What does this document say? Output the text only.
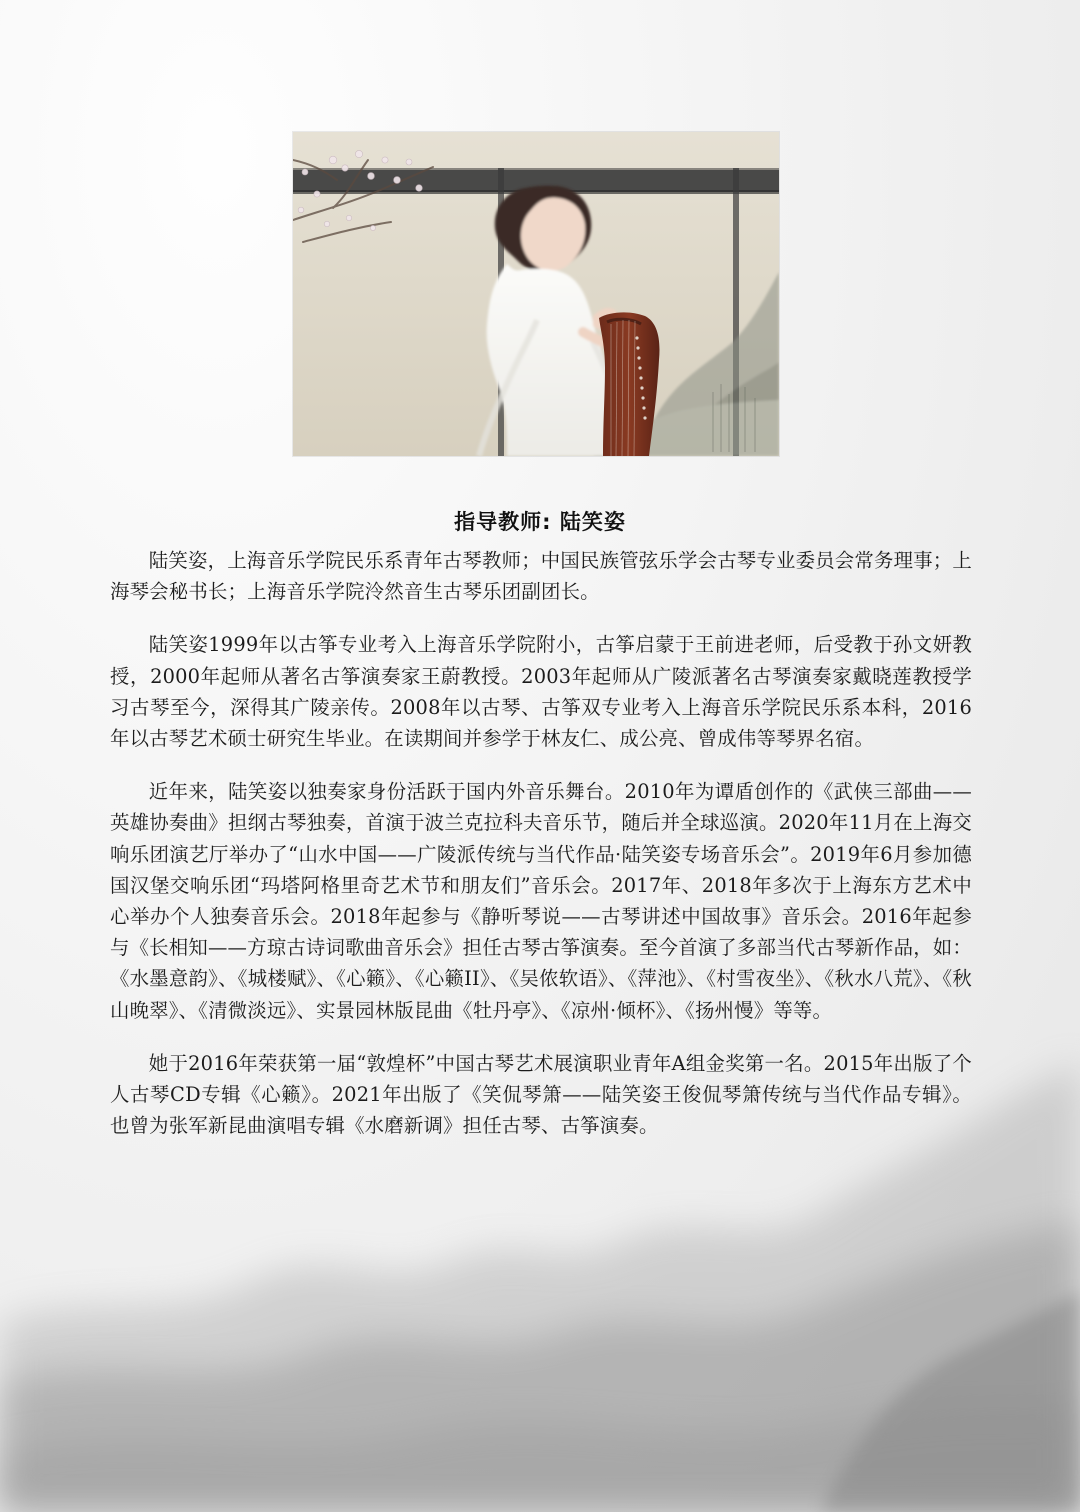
指导教师: 陆笑姿

陆笑姿，上海音乐学院民乐系青年古琴教师；中国民族管弦乐学会古琴专业委员会常务理事；上海琴会秘书长；上海音乐学院泠然音生古琴乐团副团长。

陆笑姿1999年以古筝专业考入上海音乐学院附小，古筝启蒙于王前进老师，后受教于孙文妍教授，2000年起师从著名古筝演奏家王蔚教授。2003年起师从广陵派著名古琴演奏家戴晓莲教授学习古琴至今，深得其广陵亲传。2008年以古琴、古筝双专业考入上海音乐学院民乐系本科，2016年以古琴艺术硕士研究生毕业。在读期间并参学于林友仁、成公亮、曾成伟等琴界名宿。

近年来，陆笑姿以独奏家身份活跃于国内外音乐舞台。2010年为谭盾创作的《武侠三部曲——英雄协奏曲》担纲古琴独奏，首演于波兰克拉科夫音乐节，随后并全球巡演。2020年11月在上海交响乐团演艺厅举办了“山水中国——广陵派传统与当代作品·陆笑姿专场音乐会”。2019年6月参加德国汉堡交响乐团“玛塔阿格里奇艺术节和朋友们”音乐会。2017年、2018年多次于上海东方艺术中心举办个人独奏音乐会。2018年起参与《静听琴说——古琴讲述中国故事》音乐会。2016年起参与《长相知——方琼古诗词歌曲音乐会》担任古琴古筝演奏。至今首演了多部当代古琴新作品，如：《水墨意韵》、《城楼赋》、《心籁》、《心籁II》、《吴侬软语》、《萍池》、《村雪夜坐》、《秋水八荒》、《秋山晚翠》、《清微淡远》、实景园林版昆曲《牡丹亭》、《凉州·倾杯》、《扬州慢》等等。

她于2016年荣获第一届“敦煌杯”中国古琴艺术展演职业青年A组金奖第一名。2015年出版了个人古琴CD专辑《心籁》。2021年出版了《笑侃琴箫——陆笑姿王俊侃琴箫传统与当代作品专辑》。也曾为张军新昆曲演唱专辑《水磨新调》担任古琴、古筝演奏。
